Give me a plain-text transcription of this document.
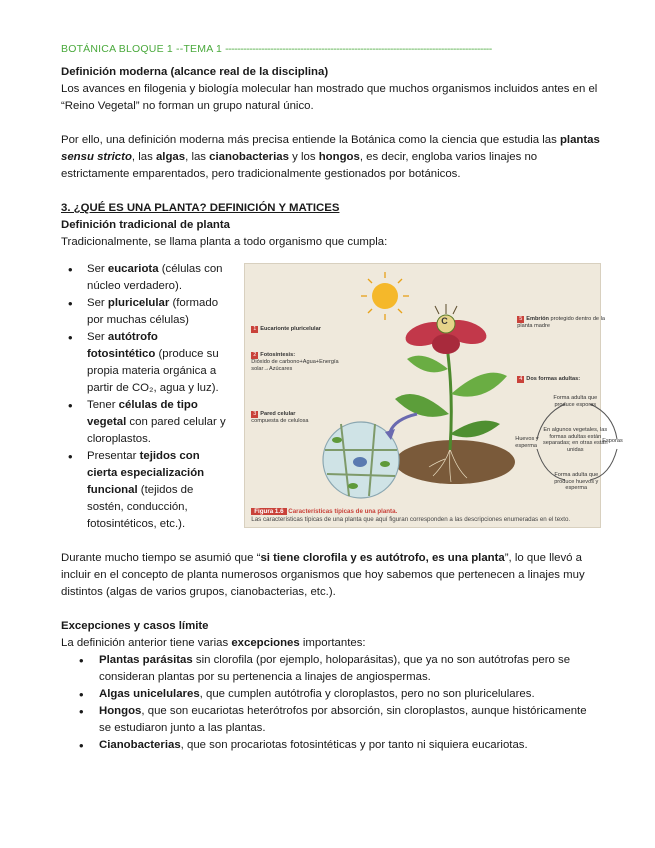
BOTÁNICA BLOQUE 1 --TEMA 1 -----------------------------------------------------------------------------------------

Definición moderna (alcance real de la disciplina)

Los avances en filogenia y biología molecular han mostrado que muchos organismos incluidos antes en el “Reino Vegetal” no forman un grupo natural único.

Por ello, una definición moderna más precisa entiende la Botánica como la ciencia que estudia las plantas sensu stricto, las algas, las cianobacterias y los hongos, es decir, engloba varios linajes no estrictamente emparentados, pero tradicionalmente gestionados por botánicos.

3. ¿QUÉ ES UNA PLANTA? DEFINICIÓN Y MATICES

Definición tradicional de planta

Tradicionalmente, se llama planta a todo organismo que cumpla:

• Ser eucariota (células con núcleo verdadero).
• Ser pluricelular (formado por muchas células)
• Ser autótrofo fotosintético (produce su propia materia orgánica a partir de CO₂, agua y luz).
• Tener células de tipo vegetal con pared celular y cloroplastos.
• Presentar tejidos con cierta especialización funcional (tejidos de sostén, conducción, fotosintéticos, etc.).
1 Eucarionte pluricelular
2 Fotosíntesis:
Dióxido de carbono+Agua+Energía solar→Azúcares
3 Pared celular
compuesta de celulosa
C	5 Embrión protegido dentro de la planta madre
4 Dos formas adultas:
Forma adulta que produce esporas
En algunos vegetales, las formas adultas están separadas; en otras están unidas
Huevos y esperma
Esporas
Forma adulta que produce huevos y esperma
Figura 1.6 Características típicas de una planta.
Las características típicas de una planta que aquí figuran corresponden a las descripciones enumeradas en el texto.

Durante mucho tiempo se asumió que “si tiene clorofila y es autótrofo, es una planta”, lo que llevó a incluir en el concepto de planta numerosos organismos que hoy sabemos que pertenecen a linajes muy distintos (algas de varios grupos, cianobacterias, etc.).

Excepciones y casos límite

La definición anterior tiene varias excepciones importantes:

• Plantas parásitas sin clorofila (por ejemplo, holoparásitas), que ya no son autótrofas pero se consideran plantas por su pertenencia a linajes de angiospermas.
• Algas unicelulares, que cumplen autótrofia y cloroplastos, pero no son pluricelulares.
• Hongos, que son eucariotas heterótrofos por absorción, sin cloroplastos, aunque históricamente se estudiaron junto a las plantas.
• Cianobacterias, que son procariotas fotosintéticas y por tanto ni siquiera eucariotas.
